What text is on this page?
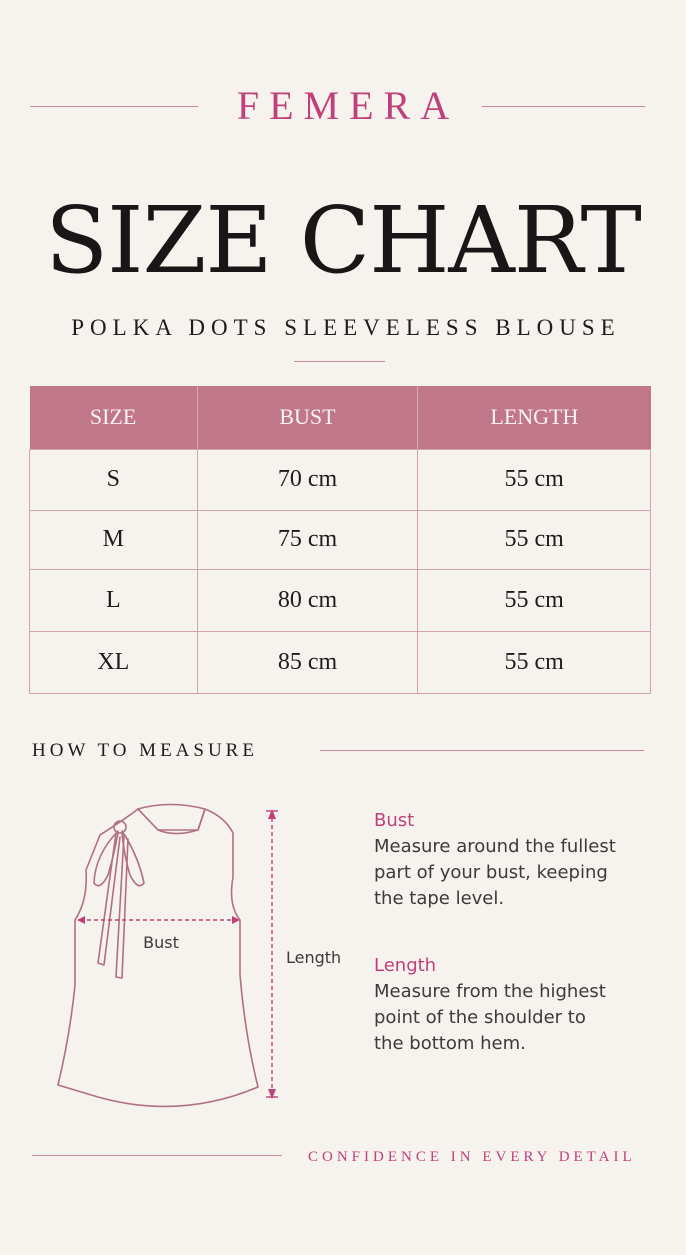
FEMERA
SIZE CHART
POLKA DOTS SLEEVELESS BLOUSE
SIZE	BUST	LENGTH
S	70 cm	55 cm
M	75 cm	55 cm
L	80 cm	55 cm
XL	85 cm	55 cm
HOW TO MEASURE
Bust
Length
Bust
Measure around the fullest
part of your bust, keeping
the tape level.
Length
Measure from the highest
point of the shoulder to
the bottom hem.
CONFIDENCE IN EVERY DETAIL
